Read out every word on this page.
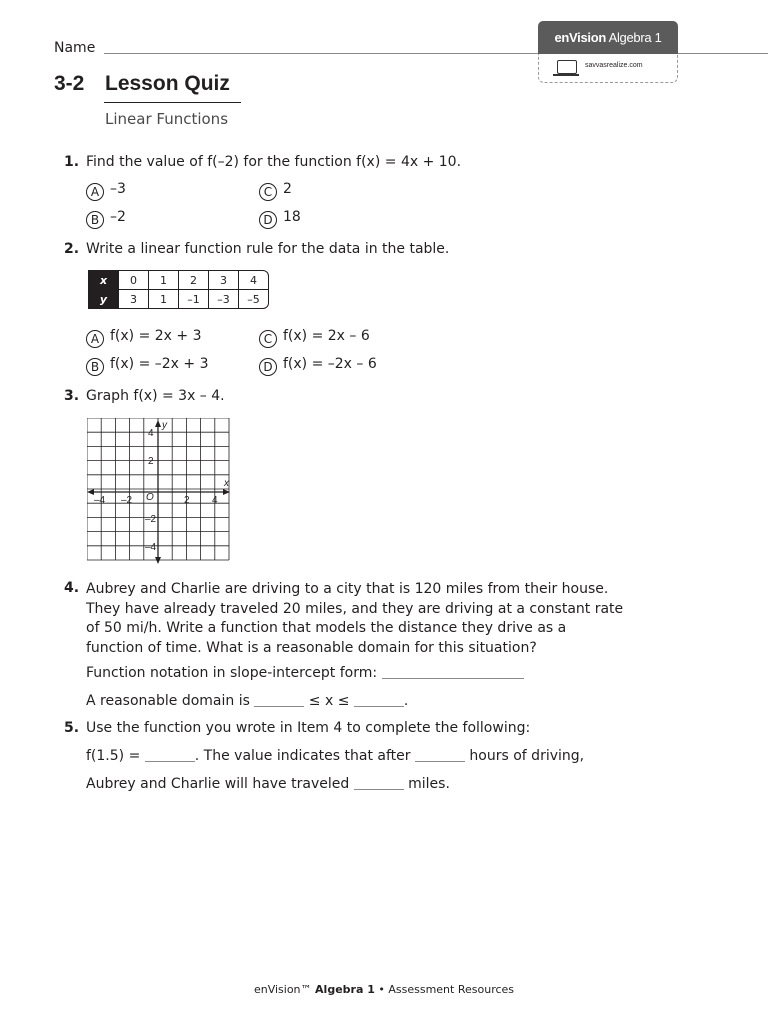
Name
enVision Algebra 1
savvasrealize.com
3-2 Lesson Quiz
Linear Functions
1. Find the value of f(–2) for the function f(x) = 4x + 10.
A –3
B –2
C 2
D 18
2. Write a linear function rule for the data in the table.
x	0	1	2	3	4
y	3	1	–1	–3	–5
A f(x) = 2x + 3
B f(x) = –2x + 3
C f(x) = 2x – 6
D f(x) = –2x – 6
3. Graph f(x) = 3x – 4.
x
y
O
–4 –2	2 4
4
2
–2
–4
4. Aubrey and Charlie are driving to a city that is 120 miles from their house.
They have already traveled 20 miles, and they are driving at a constant rate
of 50 mi/h. Write a function that models the distance they drive as a
function of time. What is a reasonable domain for this situation?
Function notation in slope-intercept form:
A reasonable domain is	≤ x ≤	.
5. Use the function you wrote in Item 4 to complete the following:
f(1.5) =	. The value indicates that after	hours of driving,
Aubrey and Charlie will have traveled	miles.
enVision™ Algebra 1 • Assessment Resources
